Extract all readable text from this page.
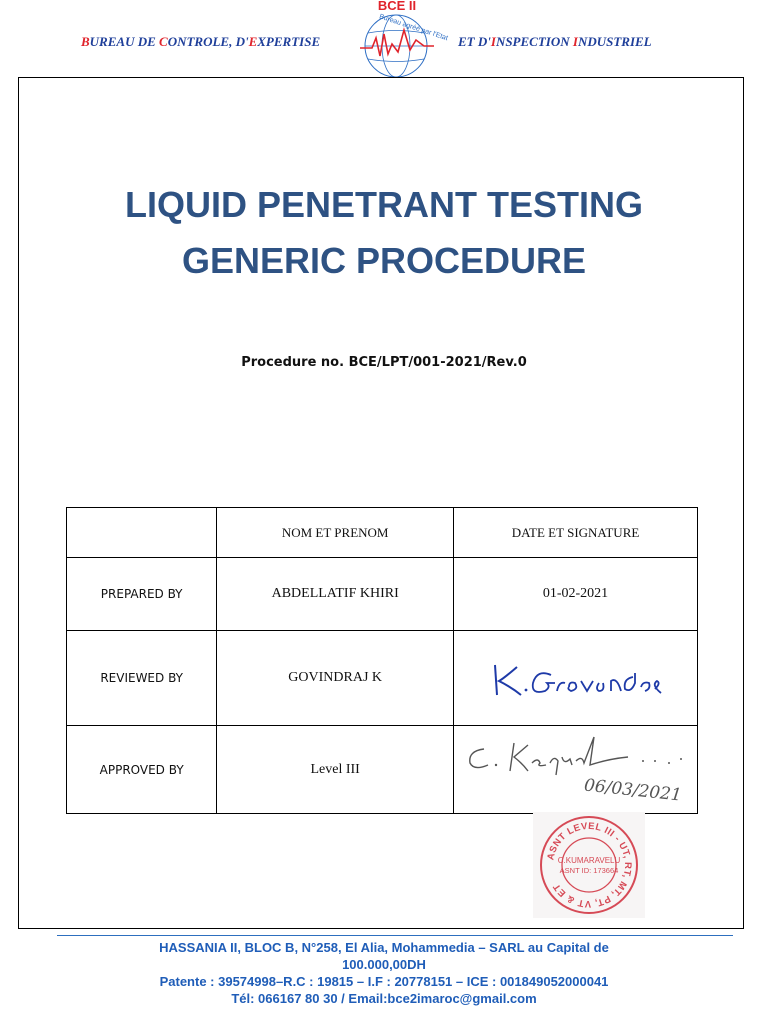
BUREAU DE CONTROLE, D'EXPERTISE
BCE II
Bureau agréé par l'Etat ET D'INSPECTION INDUSTRIEL
LIQUID PENETRANT TESTING
GENERIC PROCEDURE
Procedure no. BCE/LPT/001-2021/Rev.0
	NOM ET PRENOM	DATE ET SIGNATURE
PREPARED BY	ABDELLATIF KHIRI	01-02-2021
REVIEWED BY	GOVINDRAJ K	

APPROVED BY	Level III	06/03/2021
ASNT LEVEL III - UT, RT, MT, PT, VT & ET
C.KUMARAVELU
ASNT ID: 173664
HASSANIA II, BLOC B, N°258, El Alia, Mohammedia – SARL au Capital de
100.000,00DH
Patente : 39574998–R.C : 19815 – I.F : 20778151 – ICE : 001849052000041
Tél: 066167 80 30 / Email:bce2imaroc@gmail.com
